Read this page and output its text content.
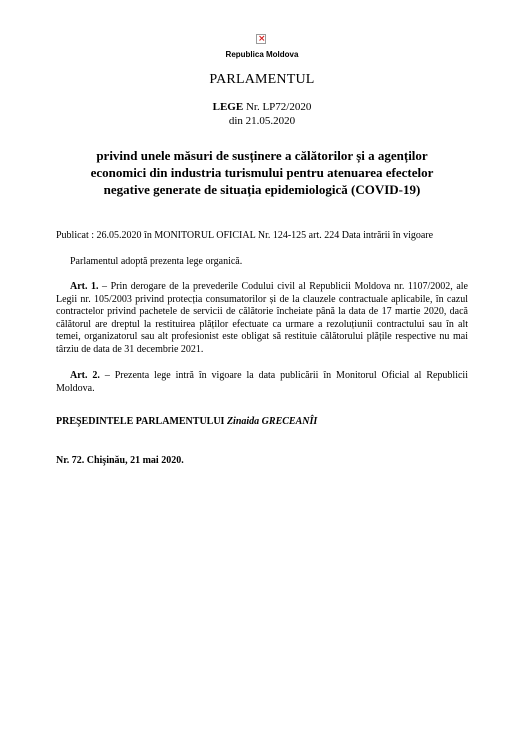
×
Republica Moldova
PARLAMENTUL
LEGE Nr. LP72/2020
din 21.05.2020
privind unele măsuri de susținere a călătorilor și a agenților economici din industria turismului pentru atenuarea efectelor negative generate de situația epidemiologică (COVID-19)
Publicat : 26.05.2020 în MONITORUL OFICIAL Nr. 124-125 art. 224 Data intrării în vigoare
Parlamentul adoptă prezenta lege organică.
Art. 1. – Prin derogare de la prevederile Codului civil al Republicii Moldova nr. 1107/2002, ale Legii nr. 105/2003 privind protecția consumatorilor și de la clauzele contractuale aplicabile, în cazul contractelor privind pachetele de servicii de călătorie încheiate până la data de 17 martie 2020, dacă călătorul are dreptul la restituirea plăților efectuate ca urmare a rezoluțiunii contractului sau în alt temei, organizatorul sau alt profesionist este obligat să restituie călătorului plățile respective nu mai târziu de data de 31 decembrie 2021.
Art. 2. – Prezenta lege intră în vigoare la data publicării în Monitorul Oficial al Republicii Moldova.
PREŞEDINTELE PARLAMENTULUI Zinaida GRECEANÎI
Nr. 72. Chişinău, 21 mai 2020.
